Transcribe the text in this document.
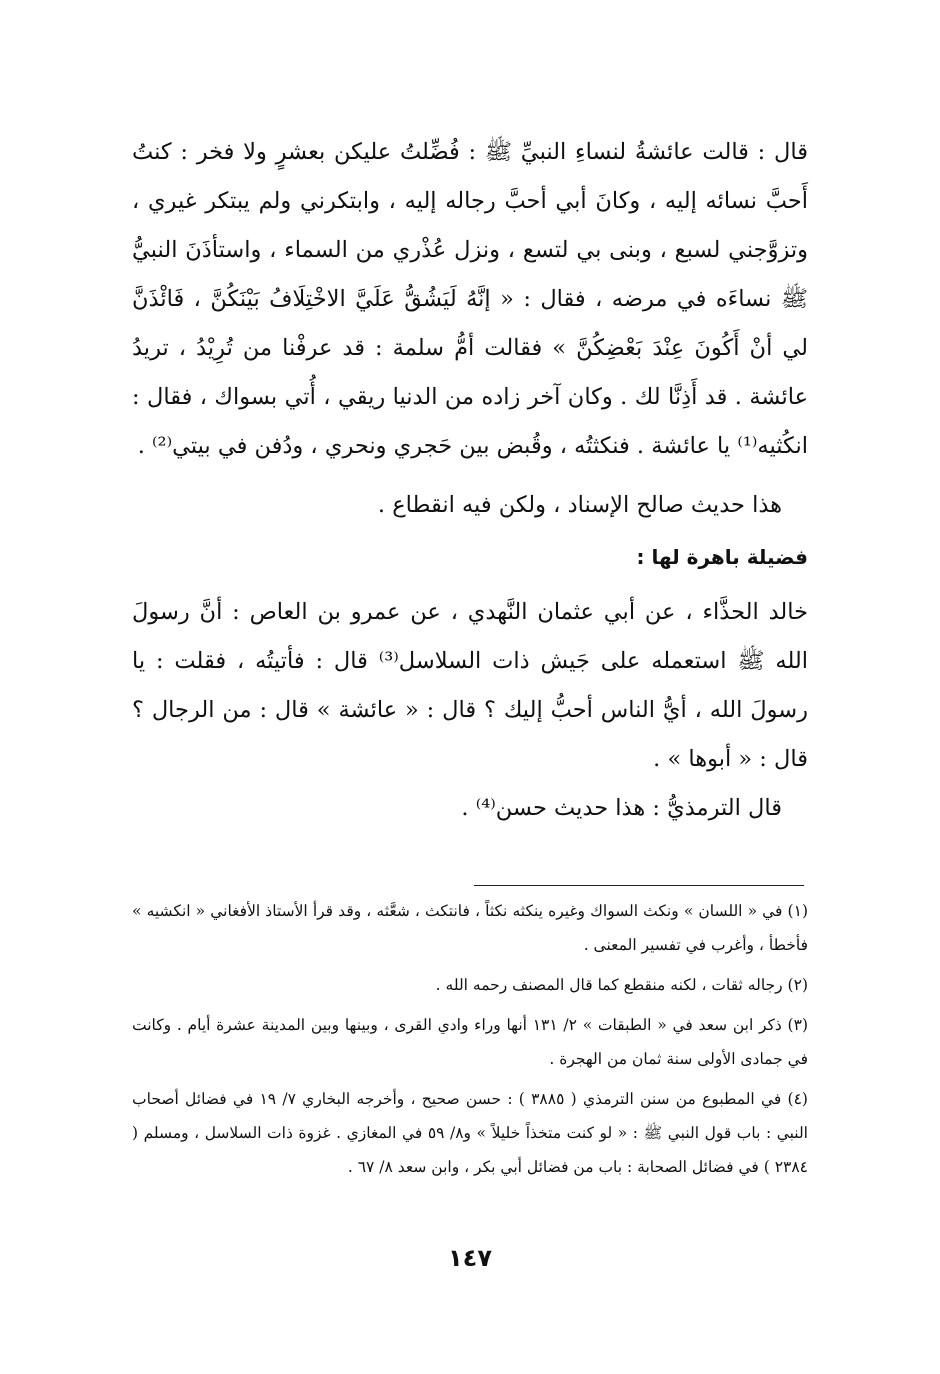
قال : قالت عائشةُ لنساءِ النبيِّ ﷺ : فُضِّلتُ عليكن بعشرٍ ولا فخر : كنتُ أَحبَّ نسائه إليه ، وكانَ أبي أحبَّ رجاله إليه ، وابتكرني ولم يبتكر غيري ، وتزوَّجني لسبع ، وبنى بي لتسع ، ونزل عُذْري من السماء ، واستأذَنَ النبيُّ ﷺ نساءَه في مرضه ، فقال : « إنَّهُ لَيَشُقُّ عَلَيَّ الاخْتِلَافُ بَيْنَكُنَّ ، فَائْذَنَّ لي أنْ أَكُونَ عِنْدَ بَعْضِكُنَّ » فقالت أمُّ سلمة : قد عرفْنا من تُرِيْدُ ، تريدُ عائشة . قد أَذِنَّا لك . وكان آخر زاده من الدنيا ريقي ، أُتي بسواك ، فقال : انكُثيه⁽¹⁾ يا عائشة . فنكثتُه ، وقُبض بين حَجري ونحري ، ودُفن في بيتي⁽²⁾ .

هذا حديث صالح الإسناد ، ولكن فيه انقطاع .

فضيلة باهرة لها :

خالد الحذَّاء ، عن أبي عثمان النَّهدي ، عن عمرو بن العاص : أنَّ رسولَ الله ﷺ استعمله على جَيش ذات السلاسل⁽³⁾ قال : فأتيتُه ، فقلت : يا رسولَ الله ، أيُّ الناس أحبُّ إليك ؟ قال : « عائشة » قال : من الرجال ؟ قال : « أبوها » .

قال الترمذيُّ : هذا حديث حسن⁽⁴⁾ .

(١) في « اللسان » ونكث السواك وغيره ينكثه نكثاً ، فانتكث ، شعَّثه ، وقد قرأ الأستاذ الأفغاني « انكشيه » فأخطأ ، وأغرب في تفسير المعنى .

(٢) رجاله ثقات ، لكنه منقطع كما قال المصنف رحمه الله .

(٣) ذكر ابن سعد في « الطبقات » ٢/ ١٣١ أنها وراء وادي القرى ، وبينها وبين المدينة عشرة أيام . وكانت في جمادى الأولى سنة ثمان من الهجرة .

(٤) في المطبوع من سنن الترمذي ( ٣٨٨٥ ) : حسن صحيح ، وأخرجه البخاري ٧/ ١٩ في فضائل أصحاب النبي : باب قول النبي ﷺ : « لو كنت متخذاً خليلاً » و٨/ ٥٩ في المغازي . غزوة ذات السلاسل ، ومسلم ( ٢٣٨٤ ) في فضائل الصحابة : باب من فضائل أبي بكر ، وابن سعد ٨/ ٦٧ .

١٤٧
